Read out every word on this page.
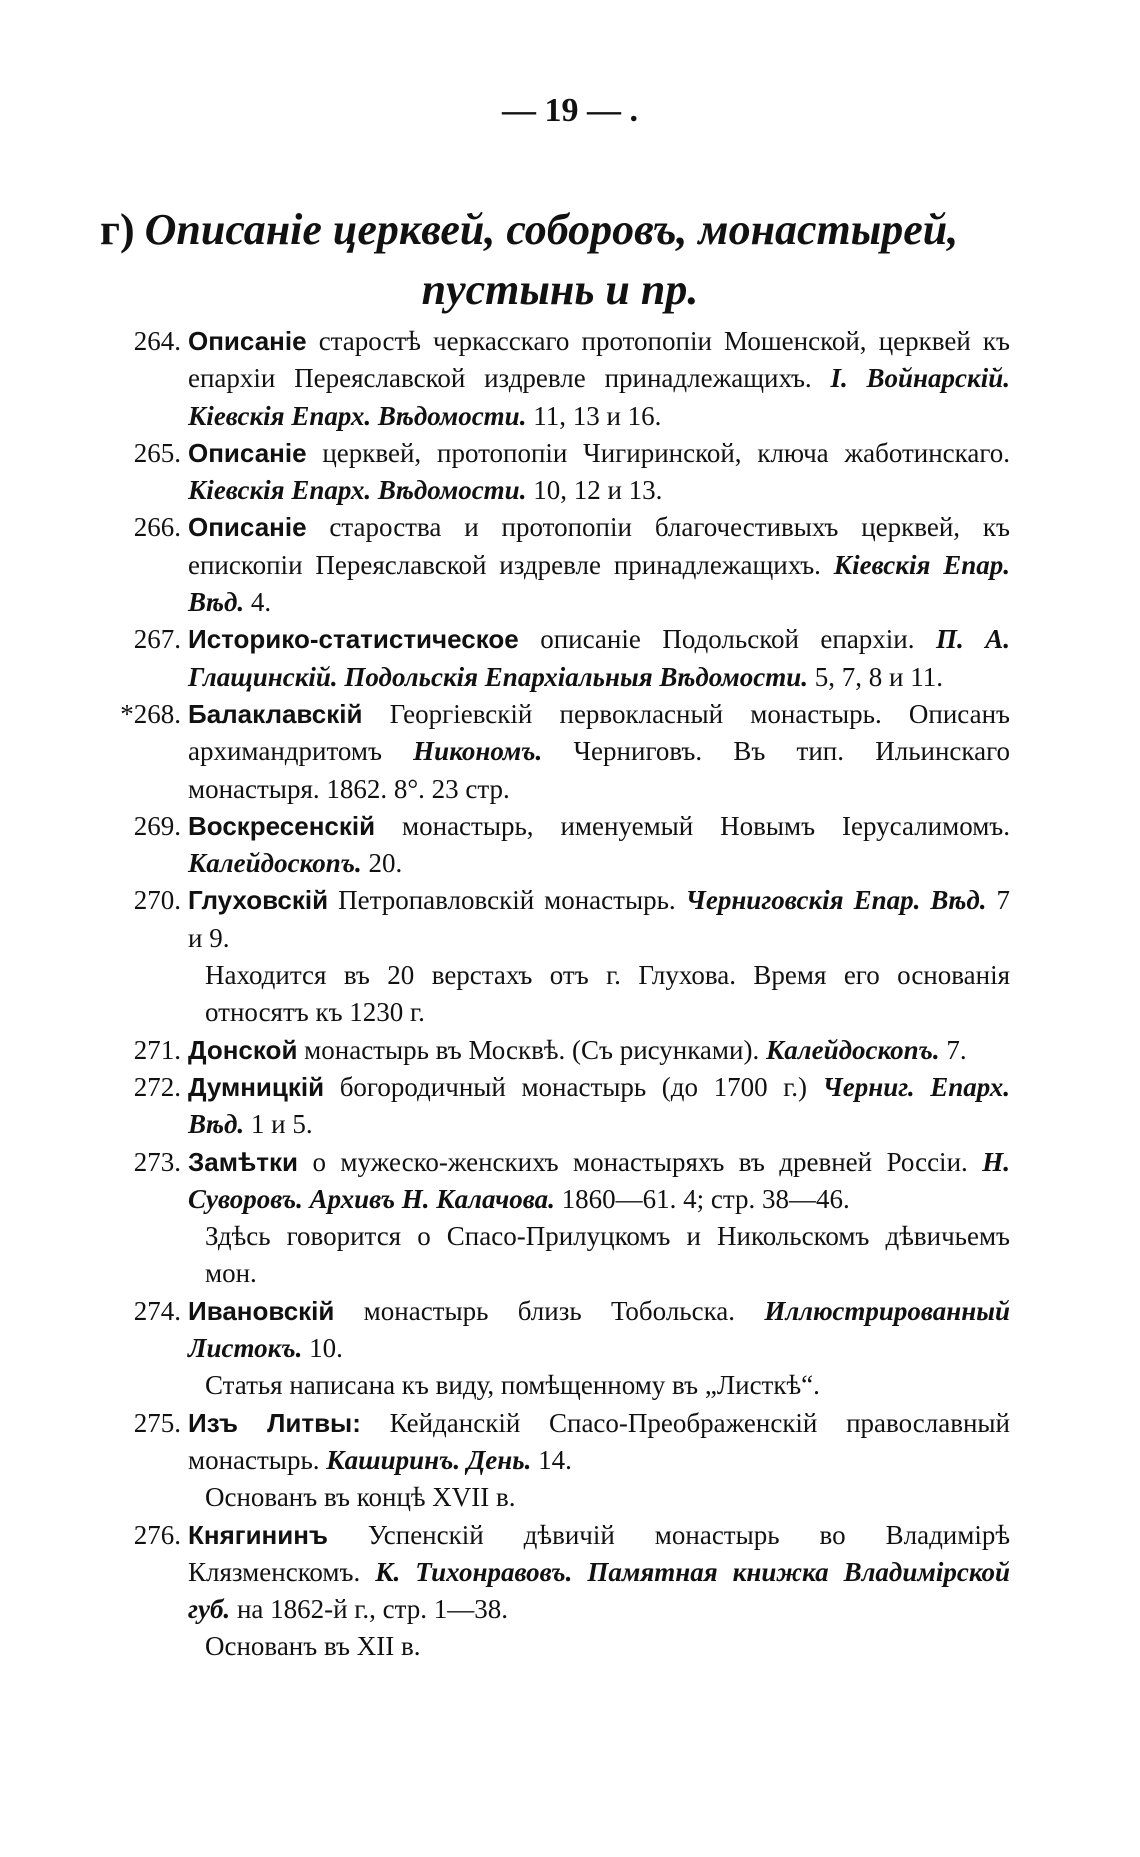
— 19 — .
г) Описаніе церквей, соборовъ, монастырей,
пустынь и пр.
264. Описаніе старостѣ черкасскаго протопопіи Мошенской, церквей къ епархіи Переяславской издревле принадлежащихъ. І. Войнарскій. Кіевскія Епарх. Вѣдомости. 11, 13 и 16.
265. Описаніе церквей, протопопіи Чигиринской, ключа жаботинскаго. Кіевскія Епарх. Вѣдомости. 10, 12 и 13.
266. Описаніе староства и протопопіи благочестивыхъ церквей, къ епископіи Переяславской издревле принадлежащихъ. Кіевскія Епар. Вѣд. 4.
267. Историко-статистическое описаніе Подольской епархіи. П. А. Глащинскій. Подольскія Епархіальныя Вѣдомости. 5, 7, 8 и 11.
*268. Балаклавскій Георгіевскій первокласный монастырь. Описанъ архимандритомъ Никономъ. Черниговъ. Въ тип. Ильинскаго монастыря. 1862. 8°. 23 стр.
269. Воскресенскій монастырь, именуемый Новымъ Іерусалимомъ. Калейдоскопъ. 20.
270. Глуховскій Петропавловскій монастырь. Черниговскія Епар. Вѣд. 7 и 9.
Находится въ 20 верстахъ отъ г. Глухова. Время его основанія относятъ къ 1230 г.
271. Донской монастырь въ Москвѣ. (Съ рисунками). Калейдоскопъ. 7.
272. Думницкій богородичный монастырь (до 1700 г.) Черниг. Епарх. Вѣд. 1 и 5.
273. Замѣтки о мужеско-женскихъ монастыряхъ въ древней Россіи. Н. Суворовъ. Архивъ Н. Калачова. 1860—61. 4; стр. 38—46.
Здѣсь говорится о Спасо-Прилуцкомъ и Никольскомъ дѣвичьемъ мон.
274. Ивановскій монастырь близь Тобольска. Иллюстрированный Листокъ. 10.
Статья написана къ виду, помѣщенному въ „Листкѣ“.
275. Изъ Литвы: Кейданскій Спасо-Преображенскій православный монастырь. Каширинъ. День. 14.
Основанъ въ концѣ XVII в.
276. Княгининъ Успенскій дѣвичій монастырь во Владимірѣ Клязменскомъ. К. Тихонравовъ. Памятная книжка Владимірской губ. на 1862-й г., стр. 1—38.
Основанъ въ XII в.
